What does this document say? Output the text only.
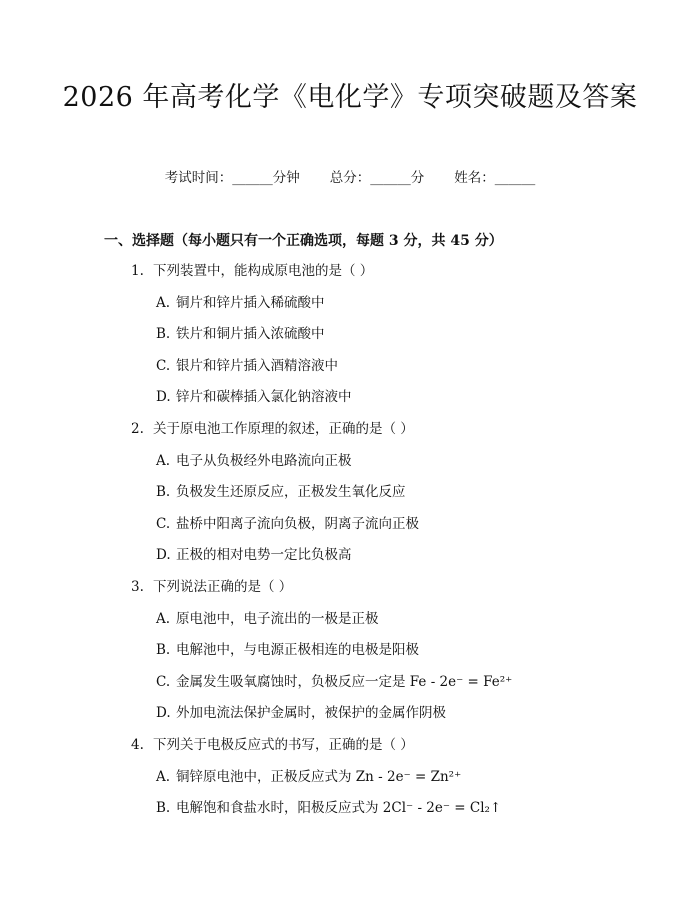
2026 年高考化学《电化学》专项突破题及答案
考试时间：______分钟 总分：______分 姓名：______
一、选择题（每小题只有一个正确选项，每题 3 分，共 45 分）
1. 下列装置中，能构成原电池的是（ ）
A. 铜片和锌片插入稀硫酸中
B. 铁片和铜片插入浓硫酸中
C. 银片和锌片插入酒精溶液中
D. 锌片和碳棒插入氯化钠溶液中
2. 关于原电池工作原理的叙述，正确的是（ ）
A. 电子从负极经外电路流向正极
B. 负极发生还原反应，正极发生氧化反应
C. 盐桥中阳离子流向负极，阴离子流向正极
D. 正极的相对电势一定比负极高
3. 下列说法正确的是（ ）
A. 原电池中，电子流出的一极是正极
B. 电解池中，与电源正极相连的电极是阳极
C. 金属发生吸氧腐蚀时，负极反应一定是 Fe - 2e⁻ = Fe²⁺
D. 外加电流法保护金属时，被保护的金属作阴极
4. 下列关于电极反应式的书写，正确的是（ ）
A. 铜锌原电池中，正极反应式为 Zn - 2e⁻ = Zn²⁺
B. 电解饱和食盐水时，阳极反应式为 2Cl⁻ - 2e⁻ = Cl₂↑
